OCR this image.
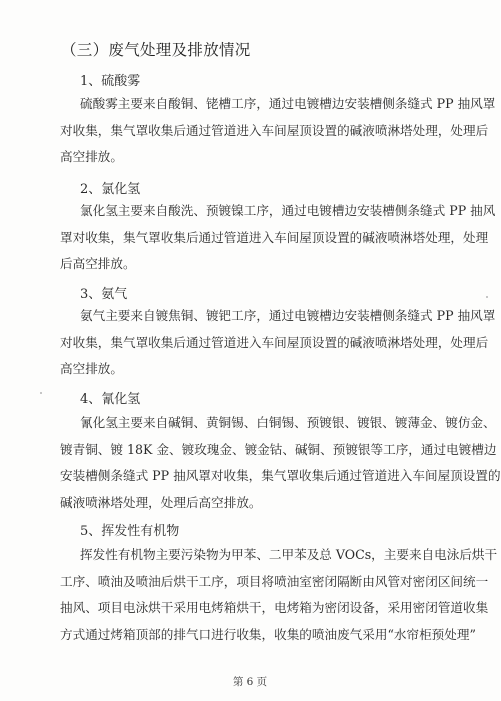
（三）废气处理及排放情况
1、硫酸雾
硫酸雾主要来自酸铜、铑槽工序，通过电镀槽边安装槽侧条缝式 PP 抽风罩
对收集，集气罩收集后通过管道进入车间屋顶设置的碱液喷淋塔处理，处理后
高空排放。
2、氯化氢
氯化氢主要来自酸洗、预镀镍工序，通过电镀槽边安装槽侧条缝式 PP 抽风
罩对收集，集气罩收集后通过管道进入车间屋顶设置的碱液喷淋塔处理，处理
后高空排放。
3、氨气
氨气主要来自镀焦铜、镀钯工序，通过电镀槽边安装槽侧条缝式 PP 抽风罩
对收集，集气罩收集后通过管道进入车间屋顶设置的碱液喷淋塔处理，处理后
高空排放。
4、氰化氢
氰化氢主要来自碱铜、黄铜锡、白铜锡、预镀银、镀银、镀薄金、镀仿金、
镀青铜、镀 18K 金、镀玫瑰金、镀金钴、碱铜、预镀银等工序，通过电镀槽边
安装槽侧条缝式 PP 抽风罩对收集，集气罩收集后通过管道进入车间屋顶设置的
碱液喷淋塔处理，处理后高空排放。
5、挥发性有机物
挥发性有机物主要污染物为甲苯、二甲苯及总 VOCs，主要来自电泳后烘干
工序、喷油及喷油后烘干工序，项目将喷油室密闭隔断由风管对密闭区间统一
抽风、项目电泳烘干采用电烤箱烘干，电烤箱为密闭设备，采用密闭管道收集
方式通过烤箱顶部的排气口进行收集，收集的喷油废气采用“水帘柜预处理”
第 6 页
